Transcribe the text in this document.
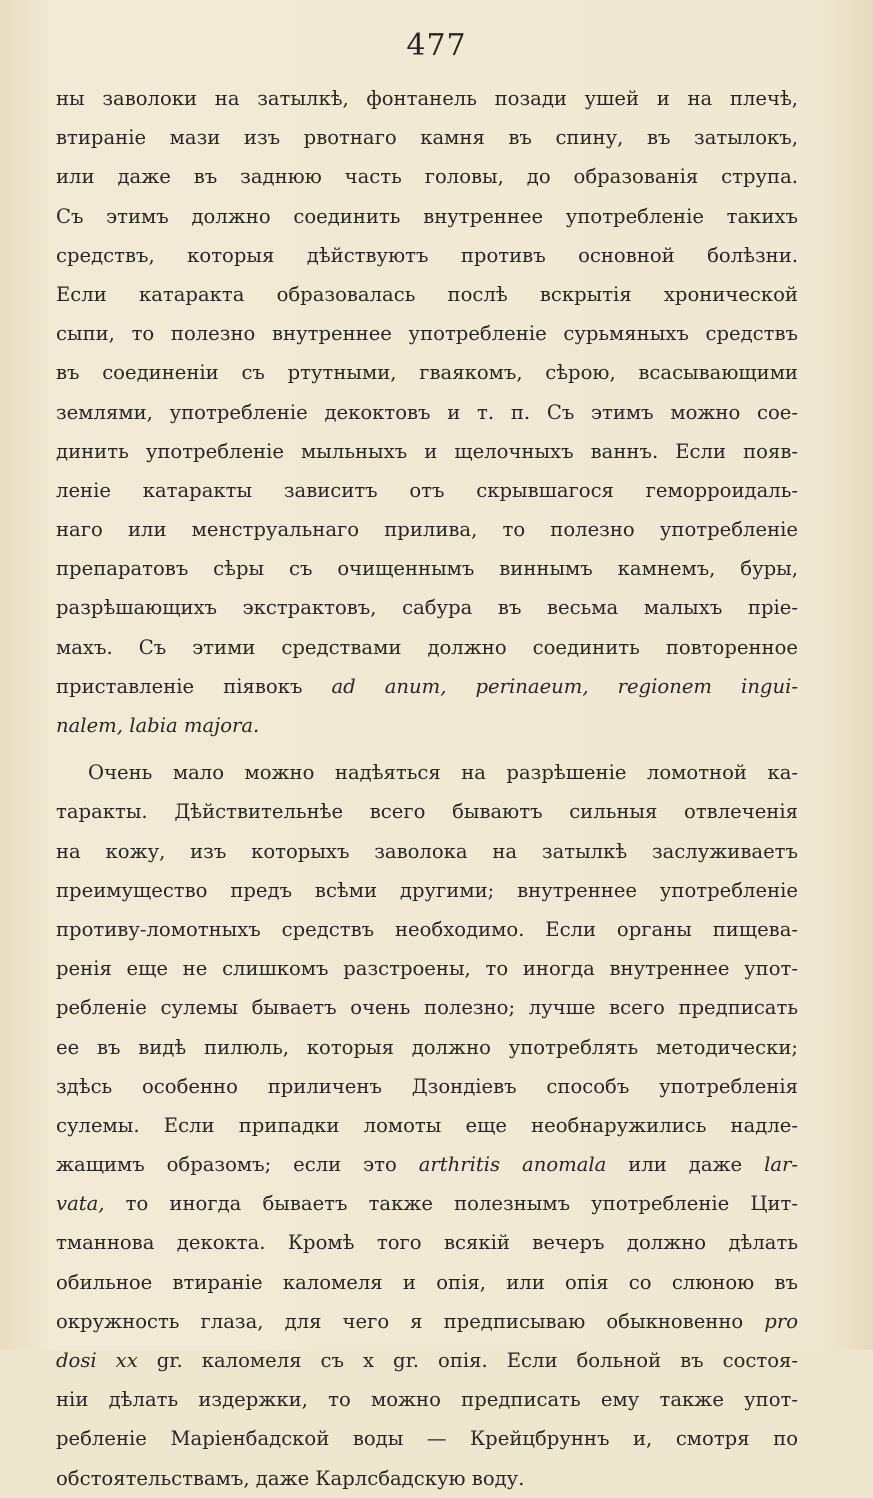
477
ны заволоки на затылкѣ, фонтанель позади ушей и на плечѣ,
втираніе мази изъ рвотнаго камня въ спину, въ затылокъ,
или даже въ заднюю часть головы, до образованія струпа.
Съ этимъ должно соединить внутреннее употребленіе такихъ
средствъ, которыя дѣйствуютъ противъ основной болѣзни.
Если катаракта образовалась послѣ вскрытія хронической
сыпи, то полезно внутреннее употребленіе сурьмяныхъ средствъ
въ соединеніи съ ртутными, гваякомъ, сѣрою, всасывающими
землями, употребленіе декоктовъ и т. п. Съ этимъ можно сое-
динить употребленіе мыльныхъ и щелочныхъ ваннъ. Если появ-
леніе катаракты зависитъ отъ скрывшагося геморроидаль-
наго или менструальнаго прилива, то полезно употребленіе
препаратовъ сѣры съ очищеннымъ виннымъ камнемъ, буры,
разрѣшающихъ экстрактовъ, сабура въ весьма малыхъ пріе-
махъ. Съ этими средствами должно соединить повторенное
приставленіе піявокъ ad anum, perinaeum, regionem ingui-
nalem, labia majora.
Очень мало можно надѣяться на разрѣшеніе ломотной ка-
таракты. Дѣйствительнѣе всего бываютъ сильныя отвлеченія
на кожу, изъ которыхъ заволока на затылкѣ заслуживаетъ
преимущество предъ всѣми другими; внутреннее употребленіе
противу-ломотныхъ средствъ необходимо. Если органы пищева-
ренія еще не слишкомъ разстроены, то иногда внутреннее упот-
ребленіе сулемы бываетъ очень полезно; лучше всего предписать
ее въ видѣ пилюль, которыя должно употреблять методически;
здѣсь особенно приличенъ Дзондіевъ способъ употребленія
сулемы. Если припадки ломоты еще необнаружились надле-
жащимъ образомъ; если это arthritis anomala или даже lar-
vata, то иногда бываетъ также полезнымъ употребленіе Цит-
тманнова декокта. Кромѣ того всякій вечеръ должно дѣлать
обильное втираніе каломеля и опія, или опія со слюною въ
окружность глаза, для чего я предписываю обыкновенно pro
dosi xx gr. каломеля съ x gr. опія. Если больной въ состоя-
ніи дѣлать издержки, то можно предписать ему также упот-
ребленіе Маріенбадской воды — Крейцбруннъ и, смотря по
обстоятельствамъ, даже Карлсбадскую воду.
